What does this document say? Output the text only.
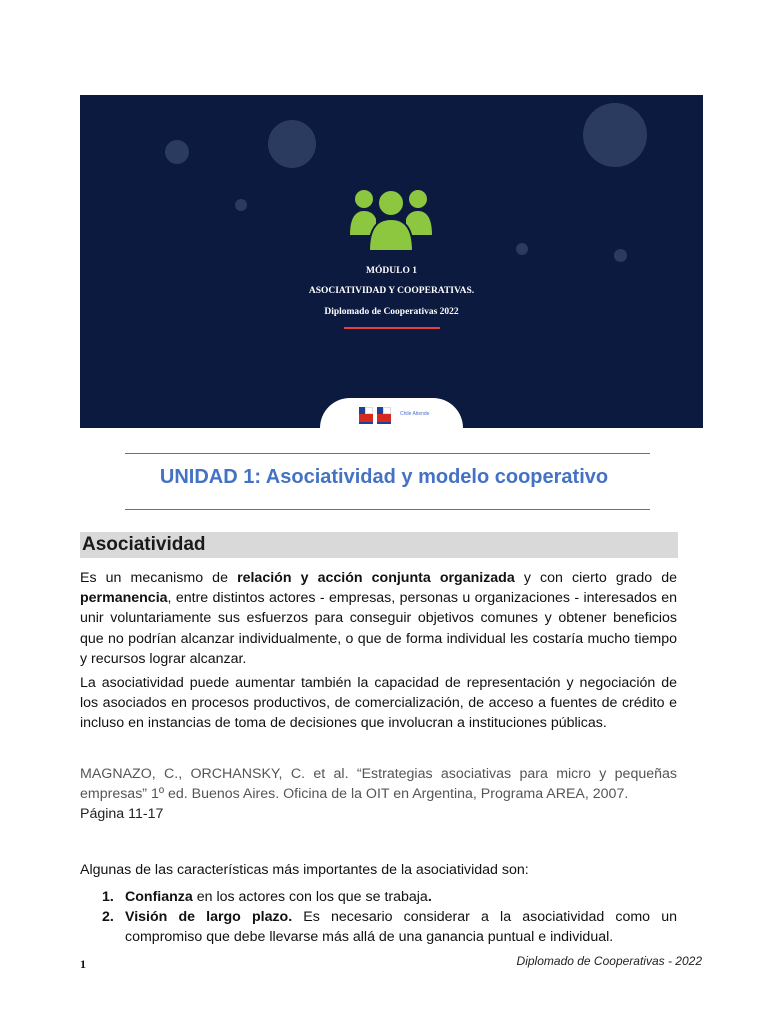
MÓDULO 1
ASOCIATIVIDAD Y COOPERATIVAS.
Diplomado de Cooperativas 2022
Chile Atiende
UNIDAD 1: Asociatividad y modelo cooperativo
Asociatividad
Es un mecanismo de relación y acción conjunta organizada y con cierto grado de permanencia, entre distintos actores - empresas, personas u organizaciones - interesados en unir voluntariamente sus esfuerzos para conseguir objetivos comunes y obtener beneficios que no podrían alcanzar individualmente, o que de forma individual les costaría mucho tiempo y recursos lograr alcanzar.
La asociatividad puede aumentar también la capacidad de representación y negociación de los asociados en procesos productivos, de comercialización, de acceso a fuentes de crédito e incluso en instancias de toma de decisiones que involucran a instituciones públicas.
MAGNAZO, C., ORCHANSKY, C. et al. “Estrategias asociativas para micro y pequeñas empresas” 1º ed. Buenos Aires. Oficina de la OIT en Argentina, Programa AREA, 2007.
Página 11-17
Algunas de las características más importantes de la asociatividad son:
1. Confianza en los actores con los que se trabaja.
2. Visión de largo plazo. Es necesario considerar a la asociatividad como un compromiso que debe llevarse más allá de una ganancia puntual e individual.
1	Diplomado de Cooperativas - 2022
